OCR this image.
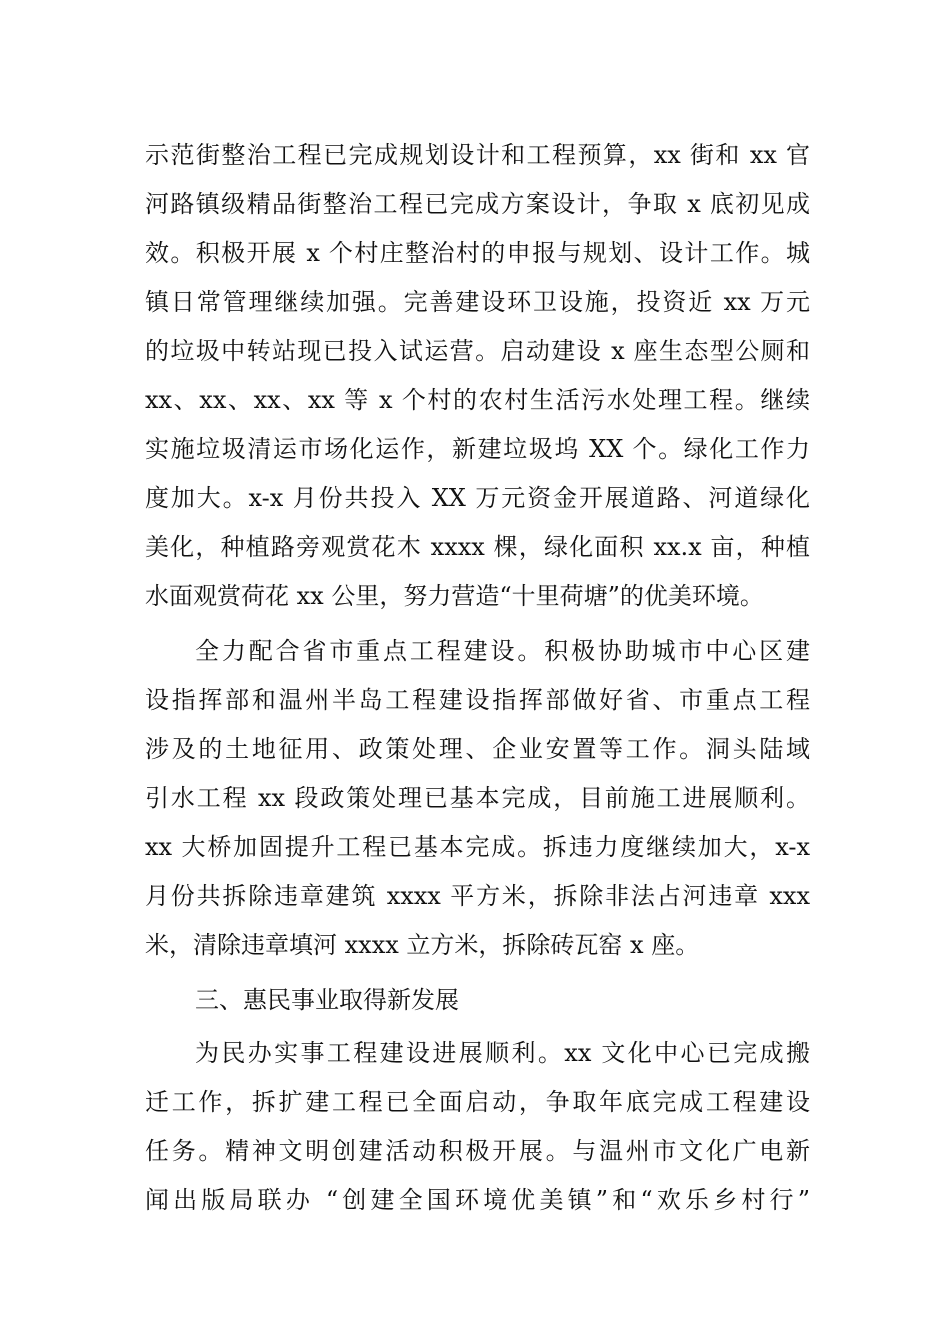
示范街整治工程已完成规划设计和工程预算，xx 街和 xx 官
河路镇级精品街整治工程已完成方案设计，争取 x 底初见成
效。积极开展 x 个村庄整治村的申报与规划、设计工作。城
镇日常管理继续加强。完善建设环卫设施，投资近 xx 万元
的垃圾中转站现已投入试运营。启动建设 x 座生态型公厕和
xx、xx、xx、xx 等 x 个村的农村生活污水处理工程。继续
实施垃圾清运市场化运作，新建垃圾坞 XX 个。绿化工作力
度加大。x-x 月份共投入 XX 万元资金开展道路、河道绿化
美化，种植路旁观赏花木 xxxx 棵，绿化面积 xx.x 亩，种植
水面观赏荷花 xx 公里，努力营造“十里荷塘”的优美环境。
全力配合省市重点工程建设。积极协助城市中心区建
设指挥部和温州半岛工程建设指挥部做好省、市重点工程
涉及的土地征用、政策处理、企业安置等工作。洞头陆域
引水工程 xx 段政策处理已基本完成，目前施工进展顺利。
xx 大桥加固提升工程已基本完成。拆违力度继续加大，x-x
月份共拆除违章建筑 xxxx 平方米，拆除非法占河违章 xxx
米，清除违章填河 xxxx 立方米，拆除砖瓦窑 x 座。
三、惠民事业取得新发展
为民办实事工程建设进展顺利。xx 文化中心已完成搬
迁工作，拆扩建工程已全面启动，争取年底完成工程建设
任务。精神文明创建活动积极开展。与温州市文化广电新
闻出版局联办 “创建全国环境优美镇”和“欢乐乡村行”
